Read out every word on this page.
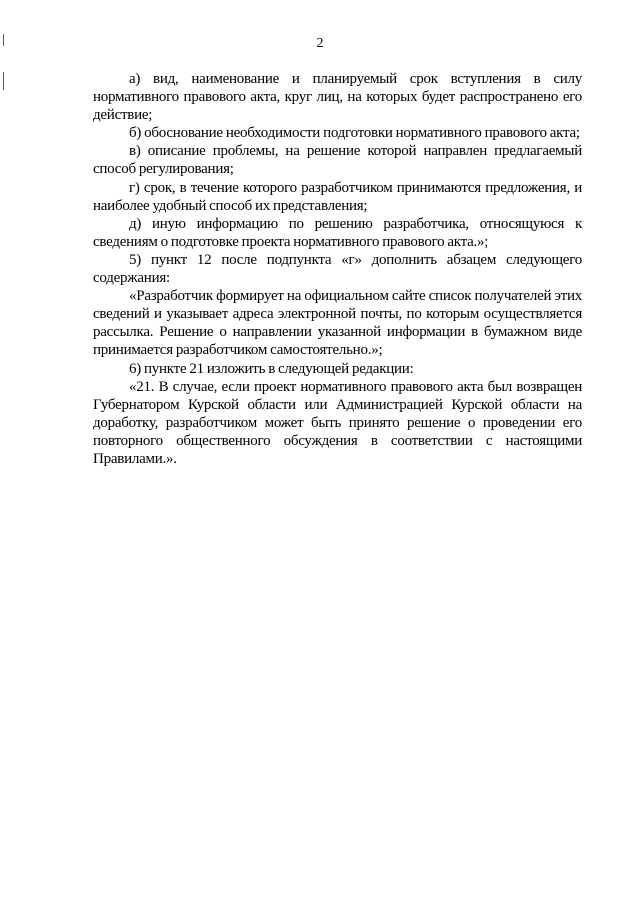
2

а) вид, наименование и планируемый срок вступления в силу нормативного правового акта, круг лиц, на которых будет распространено его действие;

б) обоснование необходимости подготовки нормативного правового акта;

в) описание проблемы, на решение которой направлен предлагаемый способ регулирования;

г) срок, в течение которого разработчиком принимаются предложения, и наиболее удобный способ их представления;

д) иную информацию по решению разработчика, относящуюся к сведениям о подготовке проекта нормативного правового акта.»;

5) пункт 12 после подпункта «г» дополнить абзацем следующего содержания:

«Разработчик формирует на официальном сайте список получателей этих сведений и указывает адреса электронной почты, по которым осуществляется рассылка. Решение о направлении указанной информации в бумажном виде принимается разработчиком самостоятельно.»;

6) пункте 21 изложить в следующей редакции:

«21. В случае, если проект нормативного правового акта был возвращен Губернатором Курской области или Администрацией Курской области на доработку, разработчиком может быть принято решение о проведении его повторного общественного обсуждения в соответствии с настоящими Правилами.».
